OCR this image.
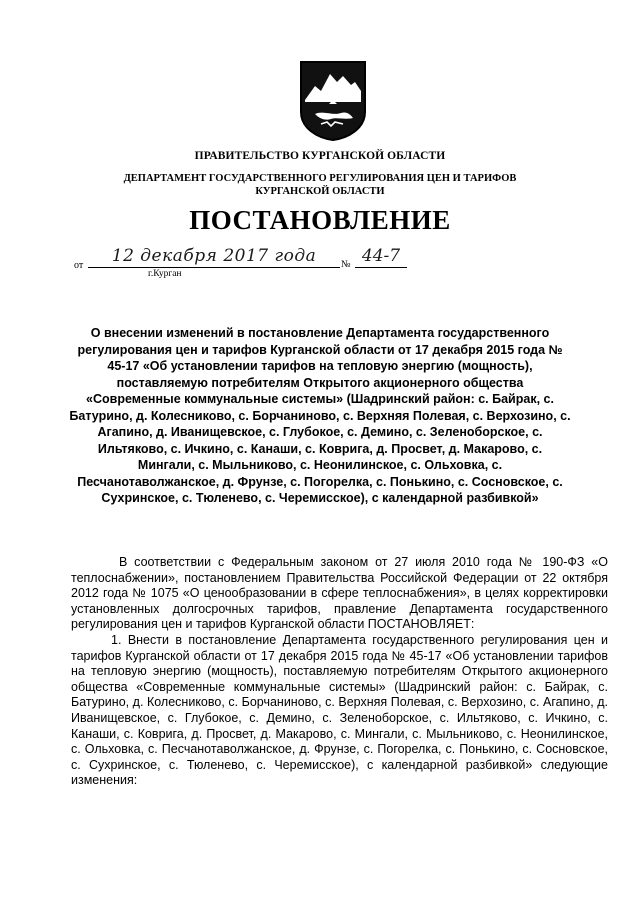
ПРАВИТЕЛЬСТВО КУРГАНСКОЙ ОБЛАСТИ
ДЕПАРТАМЕНТ ГОСУДАРСТВЕННОГО РЕГУЛИРОВАНИЯ ЦЕН И ТАРИФОВ
КУРГАНСКОЙ ОБЛАСТИ
ПОСТАНОВЛЕНИЕ
от	12 декабря 2017 года	№ 44-7
г.Курган
О внесении изменений в постановление Департамента государственного регулирования цен и тарифов Курганской области от 17 декабря 2015 года № 45-17 «Об установлении тарифов на тепловую энергию (мощность), поставляемую потребителям Открытого акционерного общества «Современные коммунальные системы» (Шадринский район: с. Байрак, с. Батурино, д. Колесниково, с. Борчаниново, с. Верхняя Полевая, с. Верхозино, с. Агапино, д. Иванищевское, с. Глубокое, с. Демино, с. Зеленоборское, с. Ильтяково, с. Ичкино, с. Канаши, с. Коврига, д. Просвет, д. Макарово, с. Мингали, с. Мыльниково, с. Неонилинское, с. Ольховка, с. Песчанотаволжанское, д. Фрунзе, с. Погорелка, с. Понькино, с. Сосновское, с. Сухринское, с. Тюленево, с. Черемисское), с календарной разбивкой»

В соответствии с Федеральным законом от 27 июля 2010 года № 190-ФЗ «О теплоснабжении», постановлением Правительства Российской Федерации от 22 октября 2012 года № 1075 «О ценообразовании в сфере теплоснабжения», в целях корректировки установленных долгосрочных тарифов, правление Департамента государственного регулирования цен и тарифов Курганской области ПОСТАНОВЛЯЕТ:

1. Внести в постановление Департамента государственного регулирования цен и тарифов Курганской области от 17 декабря 2015 года № 45-17 «Об установлении тарифов на тепловую энергию (мощность), поставляемую потребителям Открытого акционерного общества «Современные коммунальные системы» (Шадринский район: с. Байрак, с. Батурино, д. Колесниково, с. Борчаниново, с. Верхняя Полевая, с. Верхозино, с. Агапино, д. Иванищевское, с. Глубокое, с. Демино, с. Зеленоборское, с. Ильтяково, с. Ичкино, с. Канаши, с. Коврига, д. Просвет, д. Макарово, с. Мингали, с. Мыльниково, с. Неонилинское, с. Ольховка, с. Песчанотаволжанское, д. Фрунзе, с. Погорелка, с. Понькино, с. Сосновское, с. Сухринское, с. Тюленево, с. Черемисское), с календарной разбивкой» следующие изменения:
